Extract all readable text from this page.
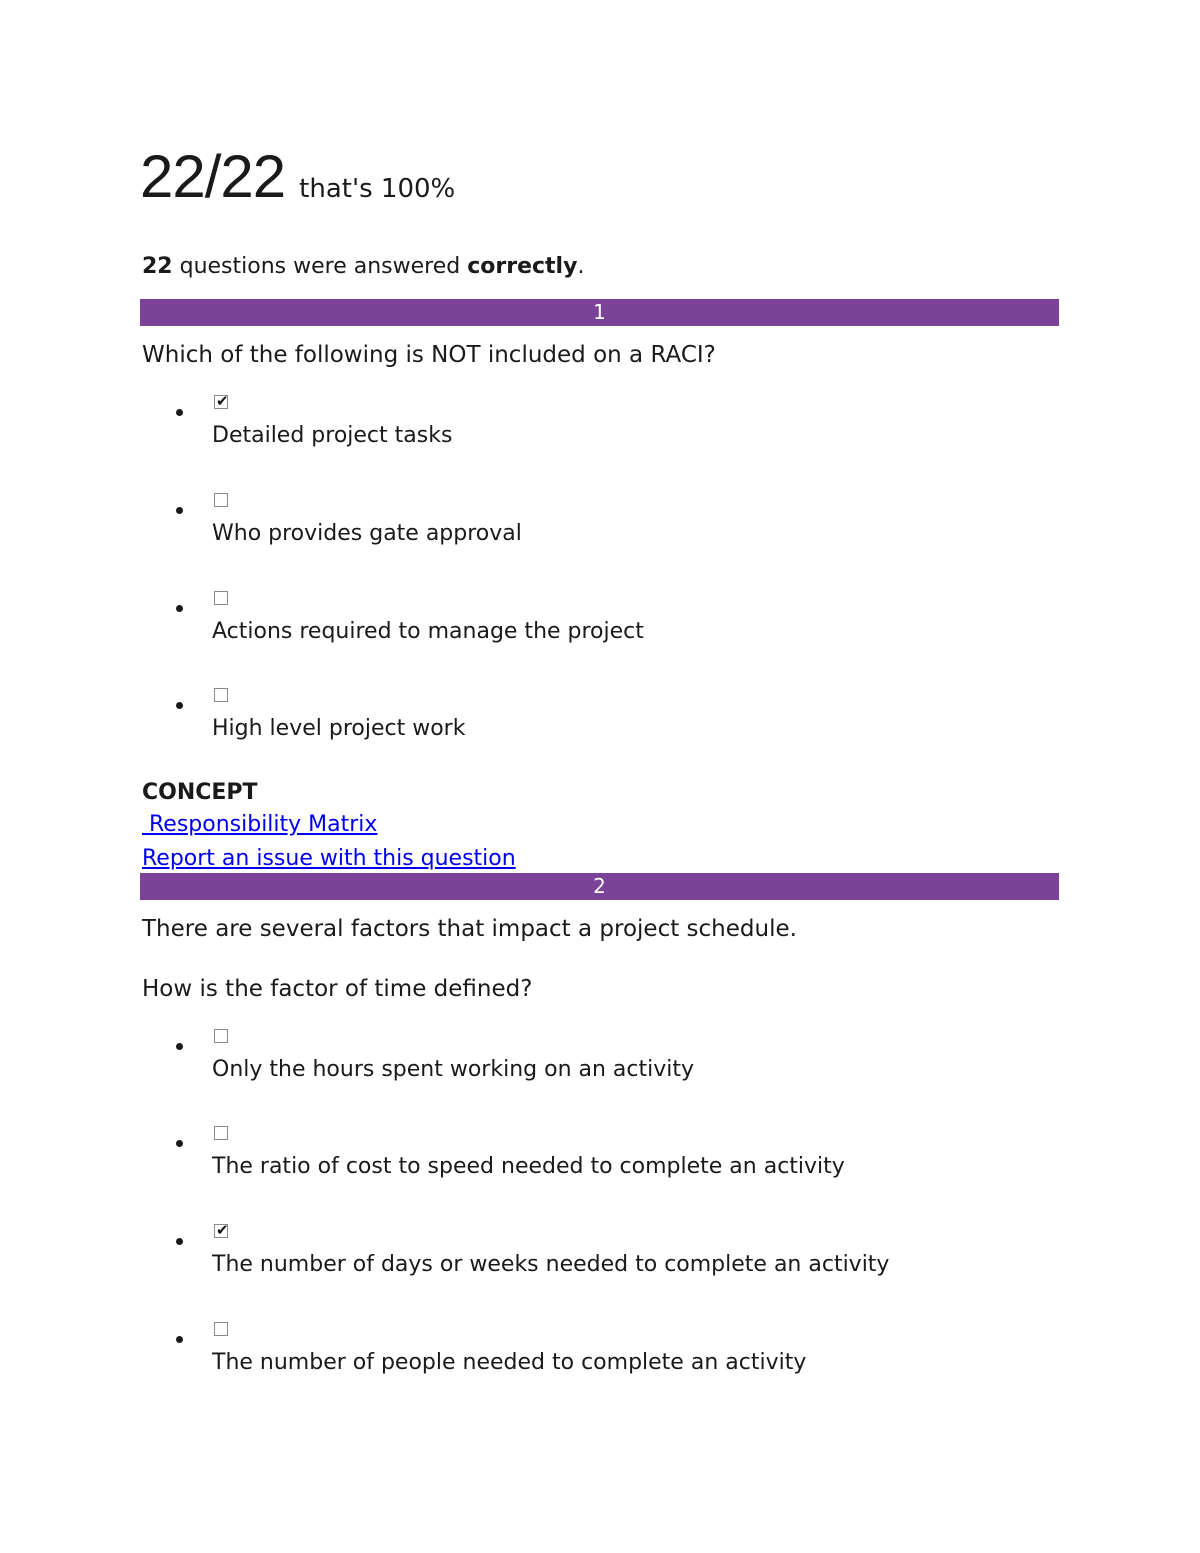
22/22 that's 100%
22 questions were answered correctly.
1
Which of the following is NOT included on a RACI?
✔
Detailed project tasks
Who provides gate approval
Actions required to manage the project
High level project work
CONCEPT
Responsibility Matrix
Report an issue with this question
2
There are several factors that impact a project schedule.
How is the factor of time defined?
Only the hours spent working on an activity
The ratio of cost to speed needed to complete an activity
✔
The number of days or weeks needed to complete an activity
The number of people needed to complete an activity
